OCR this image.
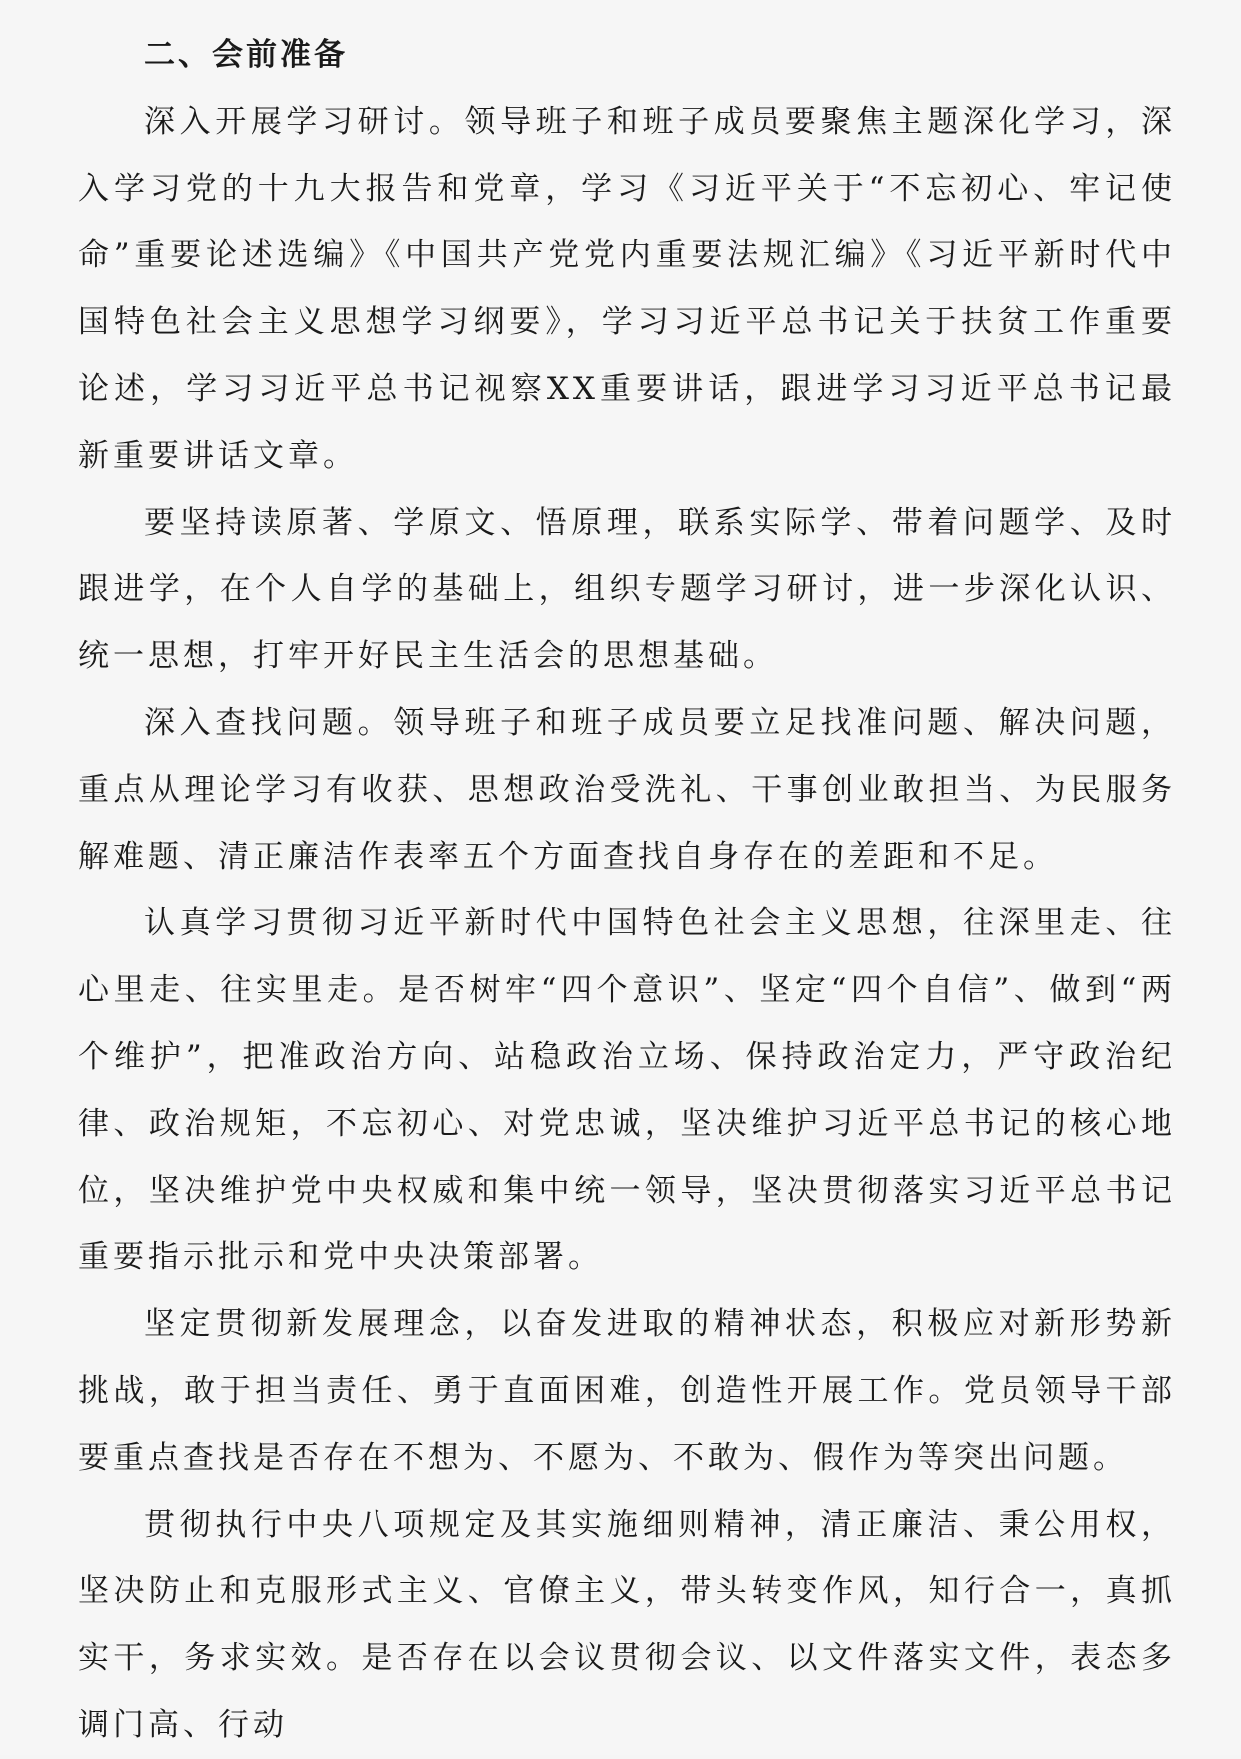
二、会前准备

深入开展学习研讨。领导班子和班子成员要聚焦主题深化学习，深入学习党的十九大报告和党章，学习《习近平关于“不忘初心、牢记使命”重要论述选编》《中国共产党党内重要法规汇编》《习近平新时代中国特色社会主义思想学习纲要》，学习习近平总书记关于扶贫工作重要论述，学习习近平总书记视察XX重要讲话，跟进学习习近平总书记最新重要讲话文章。

要坚持读原著、学原文、悟原理，联系实际学、带着问题学、及时跟进学，在个人自学的基础上，组织专题学习研讨，进一步深化认识、统一思想，打牢开好民主生活会的思想基础。

深入查找问题。领导班子和班子成员要立足找准问题、解决问题，重点从理论学习有收获、思想政治受洗礼、干事创业敢担当、为民服务解难题、清正廉洁作表率五个方面查找自身存在的差距和不足。

认真学习贯彻习近平新时代中国特色社会主义思想，往深里走、往心里走、往实里走。是否树牢“四个意识”、坚定“四个自信”、做到“两个维护”，把准政治方向、站稳政治立场、保持政治定力，严守政治纪律、政治规矩，不忘初心、对党忠诚，坚决维护习近平总书记的核心地位，坚决维护党中央权威和集中统一领导，坚决贯彻落实习近平总书记重要指示批示和党中央决策部署。

坚定贯彻新发展理念，以奋发进取的精神状态，积极应对新形势新挑战，敢于担当责任、勇于直面困难，创造性开展工作。党员领导干部要重点查找是否存在不想为、不愿为、不敢为、假作为等突出问题。

贯彻执行中央八项规定及其实施细则精神，清正廉洁、秉公用权，坚决防止和克服形式主义、官僚主义，带头转变作风，知行合一，真抓实干，务求实效。是否存在以会议贯彻会议、以文件落实文件，表态多调门高、行动
